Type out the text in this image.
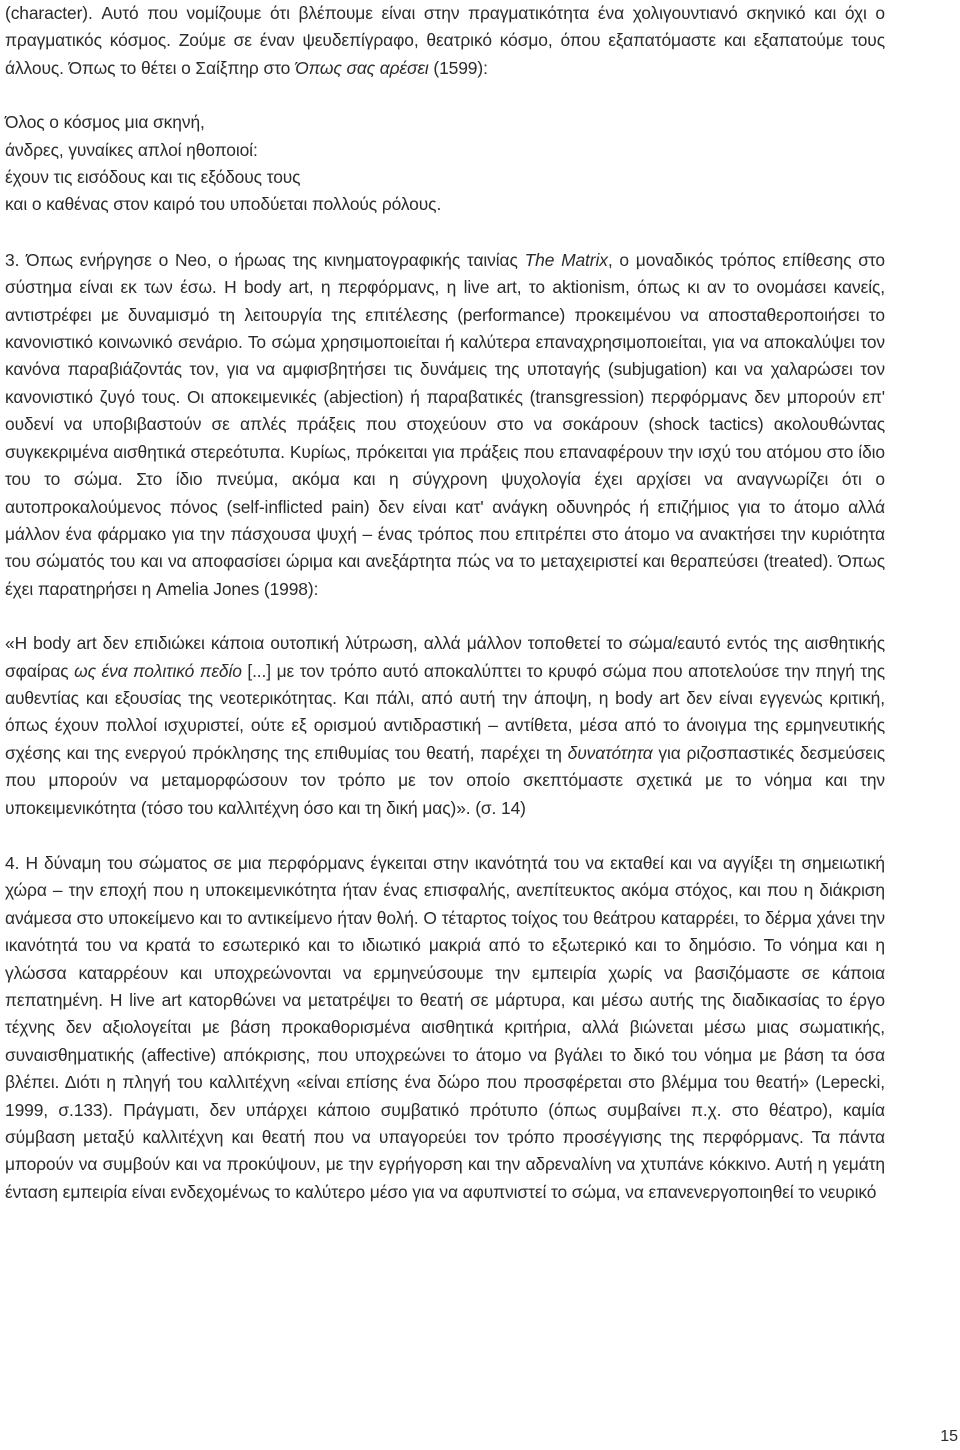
(character). Αυτό που νομίζουμε ότι βλέπουμε είναι στην πραγματικότητα ένα χολιγουντιανό σκηνικό και όχι ο πραγματικός κόσμος. Ζούμε σε έναν ψευδεπίγραφο, θεατρικό κόσμο, όπου εξαπατόμαστε και εξαπατούμε τους άλλους. Όπως το θέτει ο Σαίξπηρ στο Όπως σας αρέσει (1599):

Όλος ο κόσμος μια σκηνή,
άνδρες, γυναίκες απλοί ηθοποιοί:
έχουν τις εισόδους και τις εξόδους τους
και ο καθένας στον καιρό του υποδύεται πολλούς ρόλους.

3. Όπως ενήργησε ο Neo, ο ήρωας της κινηματογραφικής ταινίας The Matrix, ο μοναδικός τρόπος επίθεσης στο σύστημα είναι εκ των έσω. Η body art, η περφόρμανς, η live art, το aktionism, όπως κι αν το ονομάσει κανείς, αντιστρέφει με δυναμισμό τη λειτουργία της επιτέλεσης (performance) προκειμένου να αποσταθεροποιήσει το κανονιστικό κοινωνικό σενάριο. Το σώμα χρησιμοποιείται ή καλύτερα επαναχρησιμοποιείται, για να αποκαλύψει τον κανόνα παραβιάζοντάς τον, για να αμφισβητήσει τις δυνάμεις της υποταγής (subjugation) και να χαλαρώσει τον κανονιστικό ζυγό τους. Οι αποκειμενικές (abjection) ή παραβατικές (transgression) περφόρμανς δεν μπορούν επ' ουδενί να υποβιβαστούν σε απλές πράξεις που στοχεύουν στο να σοκάρουν (shock tactics) ακολουθώντας συγκεκριμένα αισθητικά στερεότυπα. Κυρίως, πρόκειται για πράξεις που επαναφέρουν την ισχύ του ατόμου στο ίδιο του το σώμα. Στο ίδιο πνεύμα, ακόμα και η σύγχρονη ψυχολογία έχει αρχίσει να αναγνωρίζει ότι ο αυτοπροκαλούμενος πόνος (self-inflicted pain) δεν είναι κατ' ανάγκη οδυνηρός ή επιζήμιος για το άτομο αλλά μάλλον ένα φάρμακο για την πάσχουσα ψυχή – ένας τρόπος που επιτρέπει στο άτομο να ανακτήσει την κυριότητα του σώματός του και να αποφασίσει ώριμα και ανεξάρτητα πώς να το μεταχειριστεί και θεραπεύσει (treated). Όπως έχει παρατηρήσει η Amelia Jones (1998):

«Η body art δεν επιδιώκει κάποια ουτοπική λύτρωση, αλλά μάλλον τοποθετεί το σώμα/εαυτό εντός της αισθητικής σφαίρας ως ένα πολιτικό πεδίο [...] με τον τρόπο αυτό αποκαλύπτει το κρυφό σώμα που αποτελούσε την πηγή της αυθεντίας και εξουσίας της νεοτερικότητας. Και πάλι, από αυτή την άποψη, η body art δεν είναι εγγενώς κριτική, όπως έχουν πολλοί ισχυριστεί, ούτε εξ ορισμού αντιδραστική – αντίθετα, μέσα από το άνοιγμα της ερμηνευτικής σχέσης και της ενεργού πρόκλησης της επιθυμίας του θεατή, παρέχει τη δυνατότητα για ριζοσπαστικές δεσμεύσεις που μπορούν να μεταμορφώσουν τον τρόπο με τον οποίο σκεπτόμαστε σχετικά με το νόημα και την υποκειμενικότητα (τόσο του καλλιτέχνη όσο και τη δική μας)». (σ. 14)

4. Η δύναμη του σώματος σε μια περφόρμανς έγκειται στην ικανότητά του να εκταθεί και να αγγίξει τη σημειωτική χώρα – την εποχή που η υποκειμενικότητα ήταν ένας επισφαλής, ανεπίτευκτος ακόμα στόχος, και που η διάκριση ανάμεσα στο υποκείμενο και το αντικείμενο ήταν θολή. Ο τέταρτος τοίχος του θεάτρου καταρρέει, το δέρμα χάνει την ικανότητά του να κρατά το εσωτερικό και το ιδιωτικό μακριά από το εξωτερικό και το δημόσιο. Το νόημα και η γλώσσα καταρρέουν και υποχρεώνονται να ερμηνεύσουμε την εμπειρία χωρίς να βασιζόμαστε σε κάποια πεπατημένη. Η live art κατορθώνει να μετατρέψει το θεατή σε μάρτυρα, και μέσω αυτής της διαδικασίας το έργο τέχνης δεν αξιολογείται με βάση προκαθορισμένα αισθητικά κριτήρια, αλλά βιώνεται μέσω μιας σωματικής, συναισθηματικής (affective) απόκρισης, που υποχρεώνει το άτομο να βγάλει το δικό του νόημα με βάση τα όσα βλέπει. Διότι η πληγή του καλλιτέχνη «είναι επίσης ένα δώρο που προσφέρεται στο βλέμμα του θεατή» (Lepecki, 1999, σ.133). Πράγματι, δεν υπάρχει κάποιο συμβατικό πρότυπο (όπως συμβαίνει π.χ. στο θέατρο), καμία σύμβαση μεταξύ καλλιτέχνη και θεατή που να υπαγορεύει τον τρόπο προσέγγισης της περφόρμανς. Τα πάντα μπορούν να συμβούν και να προκύψουν, με την εγρήγορση και την αδρεναλίνη να χτυπάνε κόκκινο. Αυτή η γεμάτη ένταση εμπειρία είναι ενδεχομένως το καλύτερο μέσο για να αφυπνιστεί το σώμα, να επανενεργοποιηθεί το νευρικό

15
